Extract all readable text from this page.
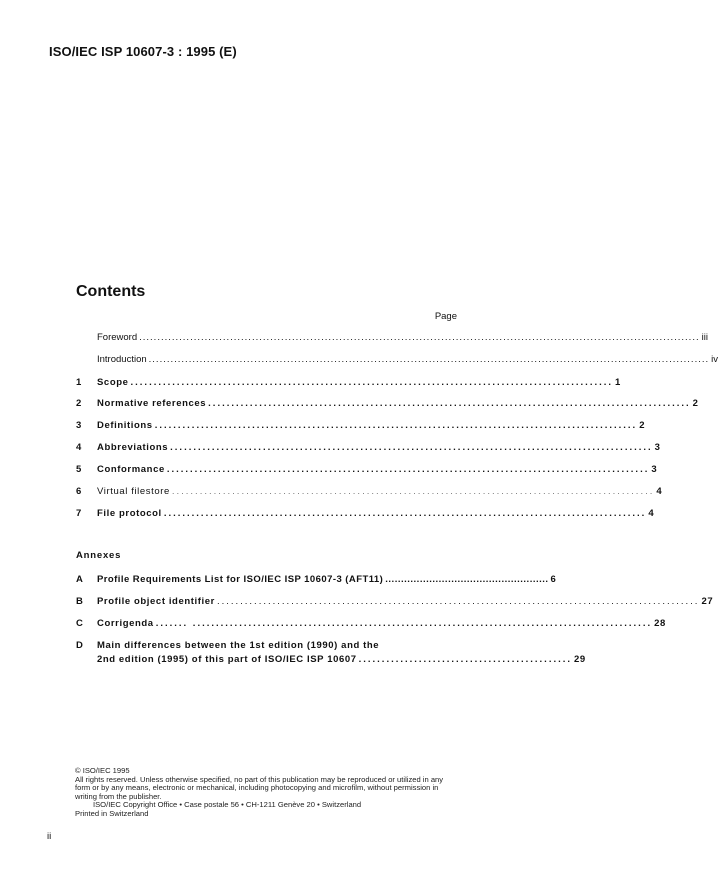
ISO/IEC ISP 10607-3 : 1995 (E)
Contents
Page
Foreword .......................................................................................................................................................... iii
Introduction .......................................................................................................................................................... iv
1	Scope ........................................................................................................ 1
2	Normative references ........................................................................................................ 2
3	Definitions ........................................................................................................ 2
4	Abbreviations ........................................................................................................ 3
5	Conformance ........................................................................................................ 3
6	Virtual filestore ........................................................................................................ 4
7	File protocol ........................................................................................................ 4
Annexes
A	Profile Requirements List for ISO/IEC ISP 10607-3 (AFT11) .................................................... 6
B	Profile object identifier ........................................................................................................ 27
C	Corrigenda ....... ................................................................................................... 28
D	Main differences between the 1st edition (1990) and the
2nd edition (1995) of this part of ISO/IEC ISP 10607 .............................................. 29

© ISO/IEC 1995

All rights reserved. Unless otherwise specified, no part of this publication may be reproduced or utilized in any form or by any means, electronic or mechanical, including photocopying and microfilm, without permission in writing from the publisher.

ISO/IEC Copyright Office • Case postale 56 • CH-1211 Genève 20 • Switzerland

Printed in Switzerland

ii
